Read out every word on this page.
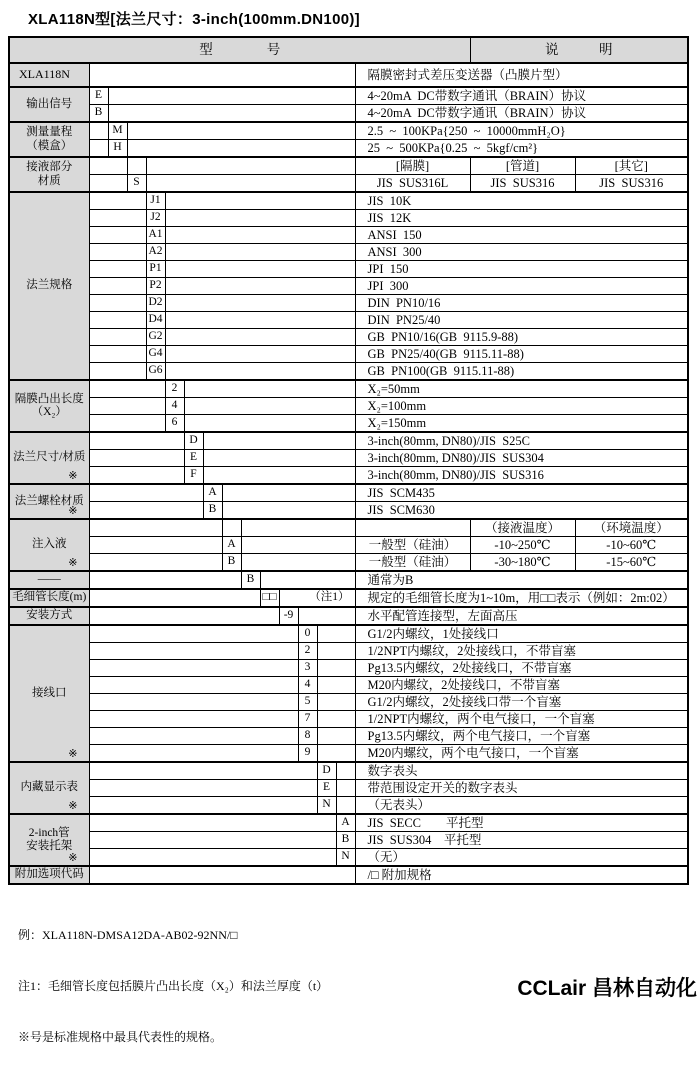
XLA118N型[法兰尺寸：3-inch(100mm.DN100)]
型　　　　号																说　　　明	

XLA118N															隔膜密封式差压变送器（凸膜片型）		

输出信号	E														4~20mA  DC带数字通讯（BRAIN）协议		
	B														4~20mA  DC带数字通讯（BRAIN）协议		

测量量程
（模盒）		M													2.5  ~  100KPa{250  ~  10000mmH₂O}		
		H													25  ~  500KPa{0.25  ~  5kgf/cm²}		

接液部分
材质															[隔膜]	[管道]	[其它]
			S												JIS  SUS316L	JIS  SUS316	JIS  SUS316

法兰规格				J1											JIS  10K		
				J2											JIS  12K		
				A1											ANSI  150		
				A2											ANSI  300		
				P1											JPI  150		
				P2											JPI  300		
				D2											DIN  PN10/16		
				D4											DIN  PN25/40		
				G2											GB  PN10/16(GB  9115.9-88)		
				G4											GB  PN25/40(GB  9115.11-88)		
				G6											GB  PN100(GB  9115.11-88)		

隔膜凸出长度
（X₂）					2										X₂=50mm		
					4										X₂=100mm		
					6										X₂=150mm		

法兰尺寸/材质
※						D									3-inch(80mm, DN80)/JIS  S25C		
						E									3-inch(80mm, DN80)/JIS  SUS304		
						F									3-inch(80mm, DN80)/JIS  SUS316		

法兰螺栓材质
※							A								JIS  SCM435		
							B								JIS  SCM630		

注入液
※																（接液温度）	（环境温度）
								A							一般型（硅油）	-10~250℃	-10~60℃
								B							一般型（硅油）	-30~180℃	-15~60℃

——									B						通常为B		

毛细管长度(m)										□□	（注1）				规定的毛细管长度为1~10m，用□□表示（例如：2m:02）		

安装方式											-9				水平配管连接型，左面高压		

接线口
※												0			G1/2内螺纹，1处接线口		
												2			1/2NPT内螺纹，2处接线口，不带盲塞		
												3			Pg13.5内螺纹，2处接线口，不带盲塞		
												4			M20内螺纹，2处接线口，不带盲塞		
												5			G1/2内螺纹，2处接线口带一个盲塞		
												7			1/2NPT内螺纹，两个电气接口，一个盲塞		
												8			Pg13.5内螺纹，两个电气接口，一个盲塞		
												9			M20内螺纹，两个电气接口，一个盲塞		

内藏显示表
※													D		数字表头		
													E		带范围设定开关的数字表头		
													N		（无表头）		

2-inch管
安装托架
※														A	JIS  SECC        平托型		
														B	JIS  SUS304    平托型		
														N	（无）		

附加选项代码															/□ 附加规格		

例：XLA118N-DMSA12DA-AB02-92NN/□

注1：毛细管长度包括膜片凸出长度（X₂）和法兰厚度（t）

※号是标准规格中最具代表性的规格。

CCLair 昌林自动化
